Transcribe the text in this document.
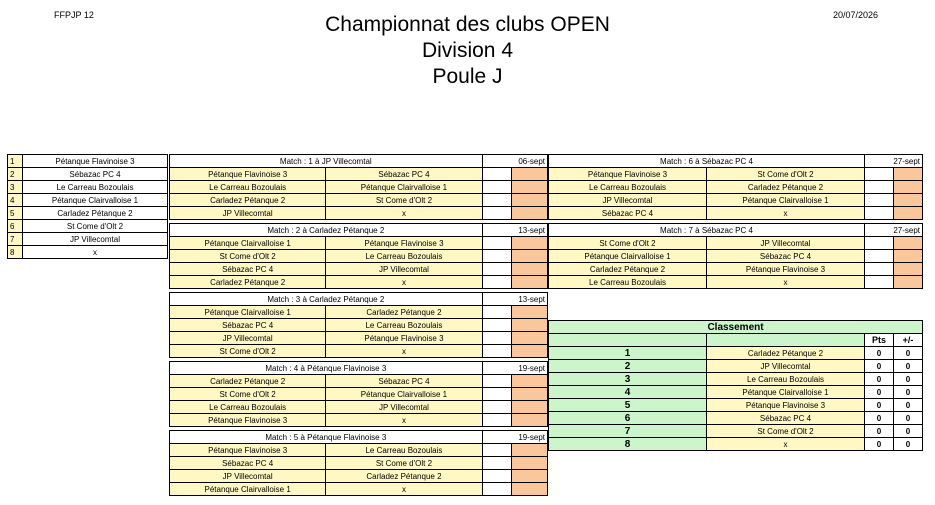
FFPJP 12	20/07/2026
Championnat des clubs OPEN
Division 4
Poule J
1	Pétanque Flavinoise 3
2	Sébazac PC 4
3	Le Carreau Bozoulais
4	Pétanque Clairvalloise 1
5	Carladez Pétanque 2
6	St Come d'Olt 2
7	JP Villecomtal
8	x
Match : 1 à JP Villecomtal		06-sept	
Pétanque Flavinoise 3	Sébazac PC 4		
Le Carreau Bozoulais	Pétanque Clairvalloise 1		
Carladez Pétanque 2	St Come d'Olt 2		
JP Villecomtal	x		
Match : 2 à Carladez Pétanque 2		13-sept	
Pétanque Clairvalloise 1	Pétanque Flavinoise 3		
St Come d'Olt 2	Le Carreau Bozoulais		
Sébazac PC 4	JP Villecomtal		
Carladez Pétanque 2	x		
Match : 3 à Carladez Pétanque 2		13-sept	
Pétanque Clairvalloise 1	Carladez Pétanque 2		
Sébazac PC 4	Le Carreau Bozoulais		
JP Villecomtal	Pétanque Flavinoise 3		
St Come d'Olt 2	x		
Match : 4 à Pétanque Flavinoise 3		19-sept	
Carladez Pétanque 2	Sébazac PC 4		
St Come d'Olt 2	Pétanque Clairvalloise 1		
Le Carreau Bozoulais	JP Villecomtal		
Pétanque Flavinoise 3	x		
Match : 5 à Pétanque Flavinoise 3		19-sept	
Pétanque Flavinoise 3	Le Carreau Bozoulais		
Sébazac PC 4	St Come d'Olt 2		
JP Villecomtal	Carladez Pétanque 2		
Pétanque Clairvalloise 1	x		
Match : 6 à Sébazac PC 4		27-sept	
Pétanque Flavinoise 3	St Come d'Olt 2		
Le Carreau Bozoulais	Carladez Pétanque 2		
JP Villecomtal	Pétanque Clairvalloise 1		
Sébazac PC 4	x		
Match : 7 à Sébazac PC 4		27-sept	
St Come d'Olt 2	JP Villecomtal		
Pétanque Clairvalloise 1	Sébazac PC 4		
Carladez Pétanque 2	Pétanque Flavinoise 3		
Le Carreau Bozoulais	x		
Classement			
		Pts	+/-
1	Carladez Pétanque 2	0	0
2	JP Villecomtal	0	0
3	Le Carreau Bozoulais	0	0
4	Pétanque Clairvalloise 1	0	0
5	Pétanque Flavinoise 3	0	0
6	Sébazac PC 4	0	0
7	St Come d'Olt 2	0	0
8	x	0	0
